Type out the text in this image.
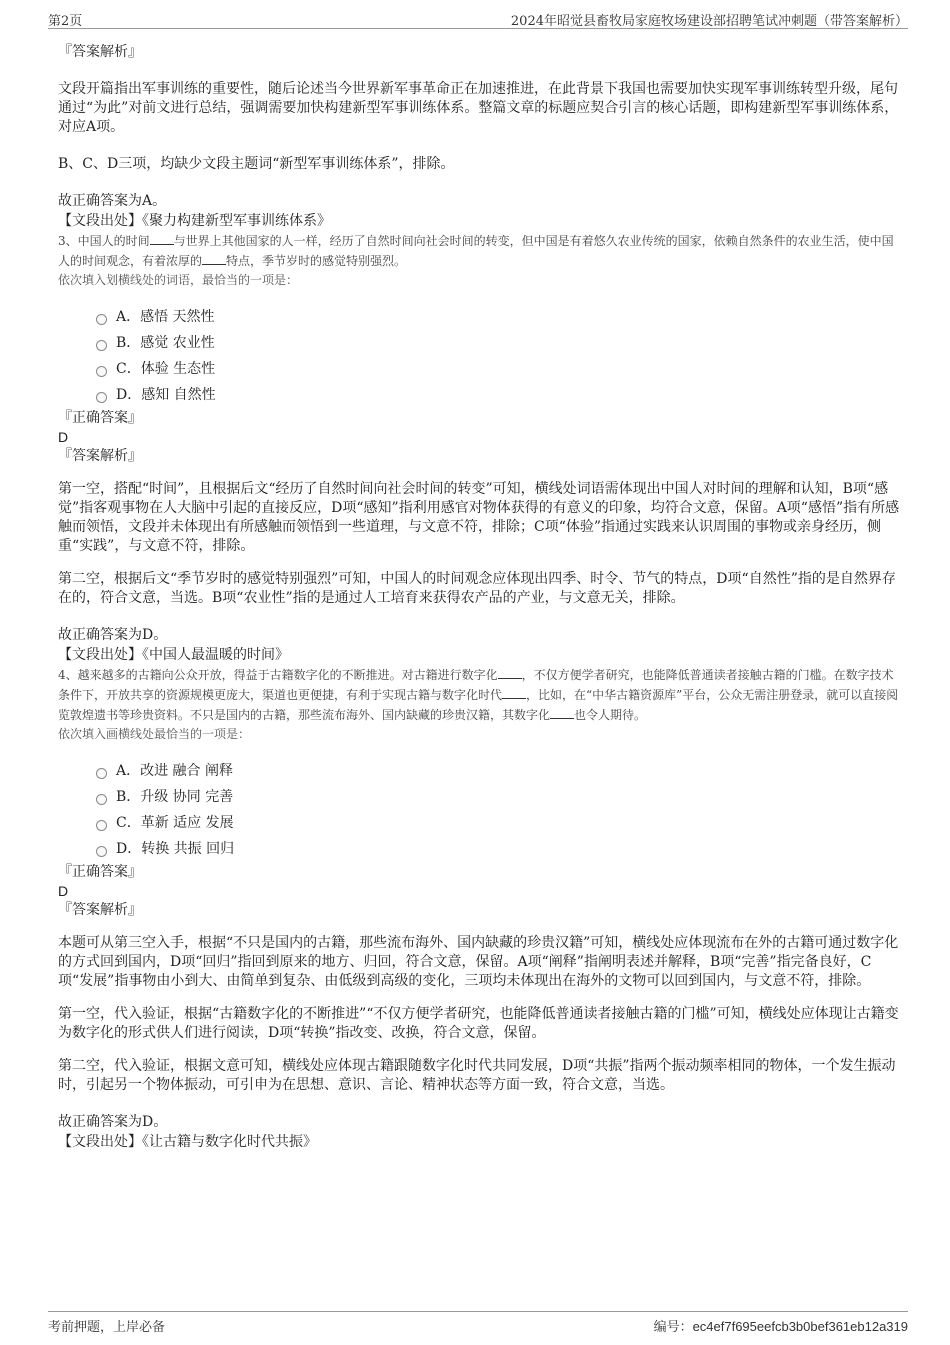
第2页	2024年昭觉县畜牧局家庭牧场建设部招聘笔试冲刺题（带答案解析）

『答案解析』

文段开篇指出军事训练的重要性，随后论述当今世界新军事革命正在加速推进，在此背景下我国也需要加快实现军事训练转型升级，尾句通过“为此”对前文进行总结，强调需要加快构建新型军事训练体系。整篇文章的标题应契合引言的核心话题，即构建新型军事训练体系，对应A项。

B、C、D三项，均缺少文段主题词“新型军事训练体系”，排除。

故正确答案为A。

【文段出处】《聚力构建新型军事训练体系》

3、中国人的时间 与世界上其他国家的人一样，经历了自然时间向社会时间的转变，但中国是有着悠久农业传统的国家，依赖自然条件的农业生活，使中国人的时间观念，有着浓厚的 特点，季节岁时的感觉特别强烈。

依次填入划横线处的词语，最恰当的一项是：

A．感悟 天然性
B．感觉 农业性
C．体验 生态性
D．感知 自然性

『正确答案』

D

『答案解析』

第一空，搭配“时间”，且根据后文“经历了自然时间向社会时间的转变”可知，横线处词语需体现出中国人对时间的理解和认知，B项“感觉”指客观事物在人大脑中引起的直接反应，D项“感知”指利用感官对物体获得的有意义的印象，均符合文意，保留。A项“感悟”指有所感触而领悟，文段并未体现出有所感触而领悟到一些道理，与文意不符，排除；C项“体验”指通过实践来认识周围的事物或亲身经历，侧重“实践”，与文意不符，排除。

第二空，根据后文“季节岁时的感觉特别强烈”可知，中国人的时间观念应体现出四季、时令、节气的特点，D项“自然性”指的是自然界存在的，符合文意，当选。B项“农业性”指的是通过人工培育来获得农产品的产业，与文意无关，排除。

故正确答案为D。

【文段出处】《中国人最温暖的时间》

4、越来越多的古籍向公众开放，得益于古籍数字化的不断推进。对古籍进行数字化 ，不仅方便学者研究，也能降低普通读者接触古籍的门槛。在数字技术条件下，开放共享的资源规模更庞大，渠道也更便捷，有利于实现古籍与数字化时代 ，比如，在“中华古籍资源库”平台，公众无需注册登录，就可以直接阅览敦煌遗书等珍贵资料。不只是国内的古籍，那些流布海外、国内缺藏的珍贵汉籍，其数字化 也令人期待。

依次填入画横线处最恰当的一项是：

A．改进 融合 阐释
B．升级 协同 完善
C．革新 适应 发展
D．转换 共振 回归

『正确答案』

D

『答案解析』

本题可从第三空入手，根据“不只是国内的古籍，那些流布海外、国内缺藏的珍贵汉籍”可知，横线处应体现流布在外的古籍可通过数字化的方式回到国内，D项“回归”指回到原来的地方、归回，符合文意，保留。A项“阐释”指阐明表述并解释，B项“完善”指完备良好，C项“发展”指事物由小到大、由简单到复杂、由低级到高级的变化，三项均未体现出在海外的文物可以回到国内，与文意不符，排除。

第一空，代入验证，根据“古籍数字化的不断推进”“不仅方便学者研究，也能降低普通读者接触古籍的门槛”可知，横线处应体现让古籍变为数字化的形式供人们进行阅读，D项“转换”指改变、改换，符合文意，保留。

第二空，代入验证，根据文意可知，横线处应体现古籍跟随数字化时代共同发展，D项“共振”指两个振动频率相同的物体，一个发生振动时，引起另一个物体振动，可引申为在思想、意识、言论、精神状态等方面一致，符合文意，当选。

故正确答案为D。

【文段出处】《让古籍与数字化时代共振》

考前押题，上岸必备	编号：ec4ef7f695eefcb3b0bef361eb12a319
